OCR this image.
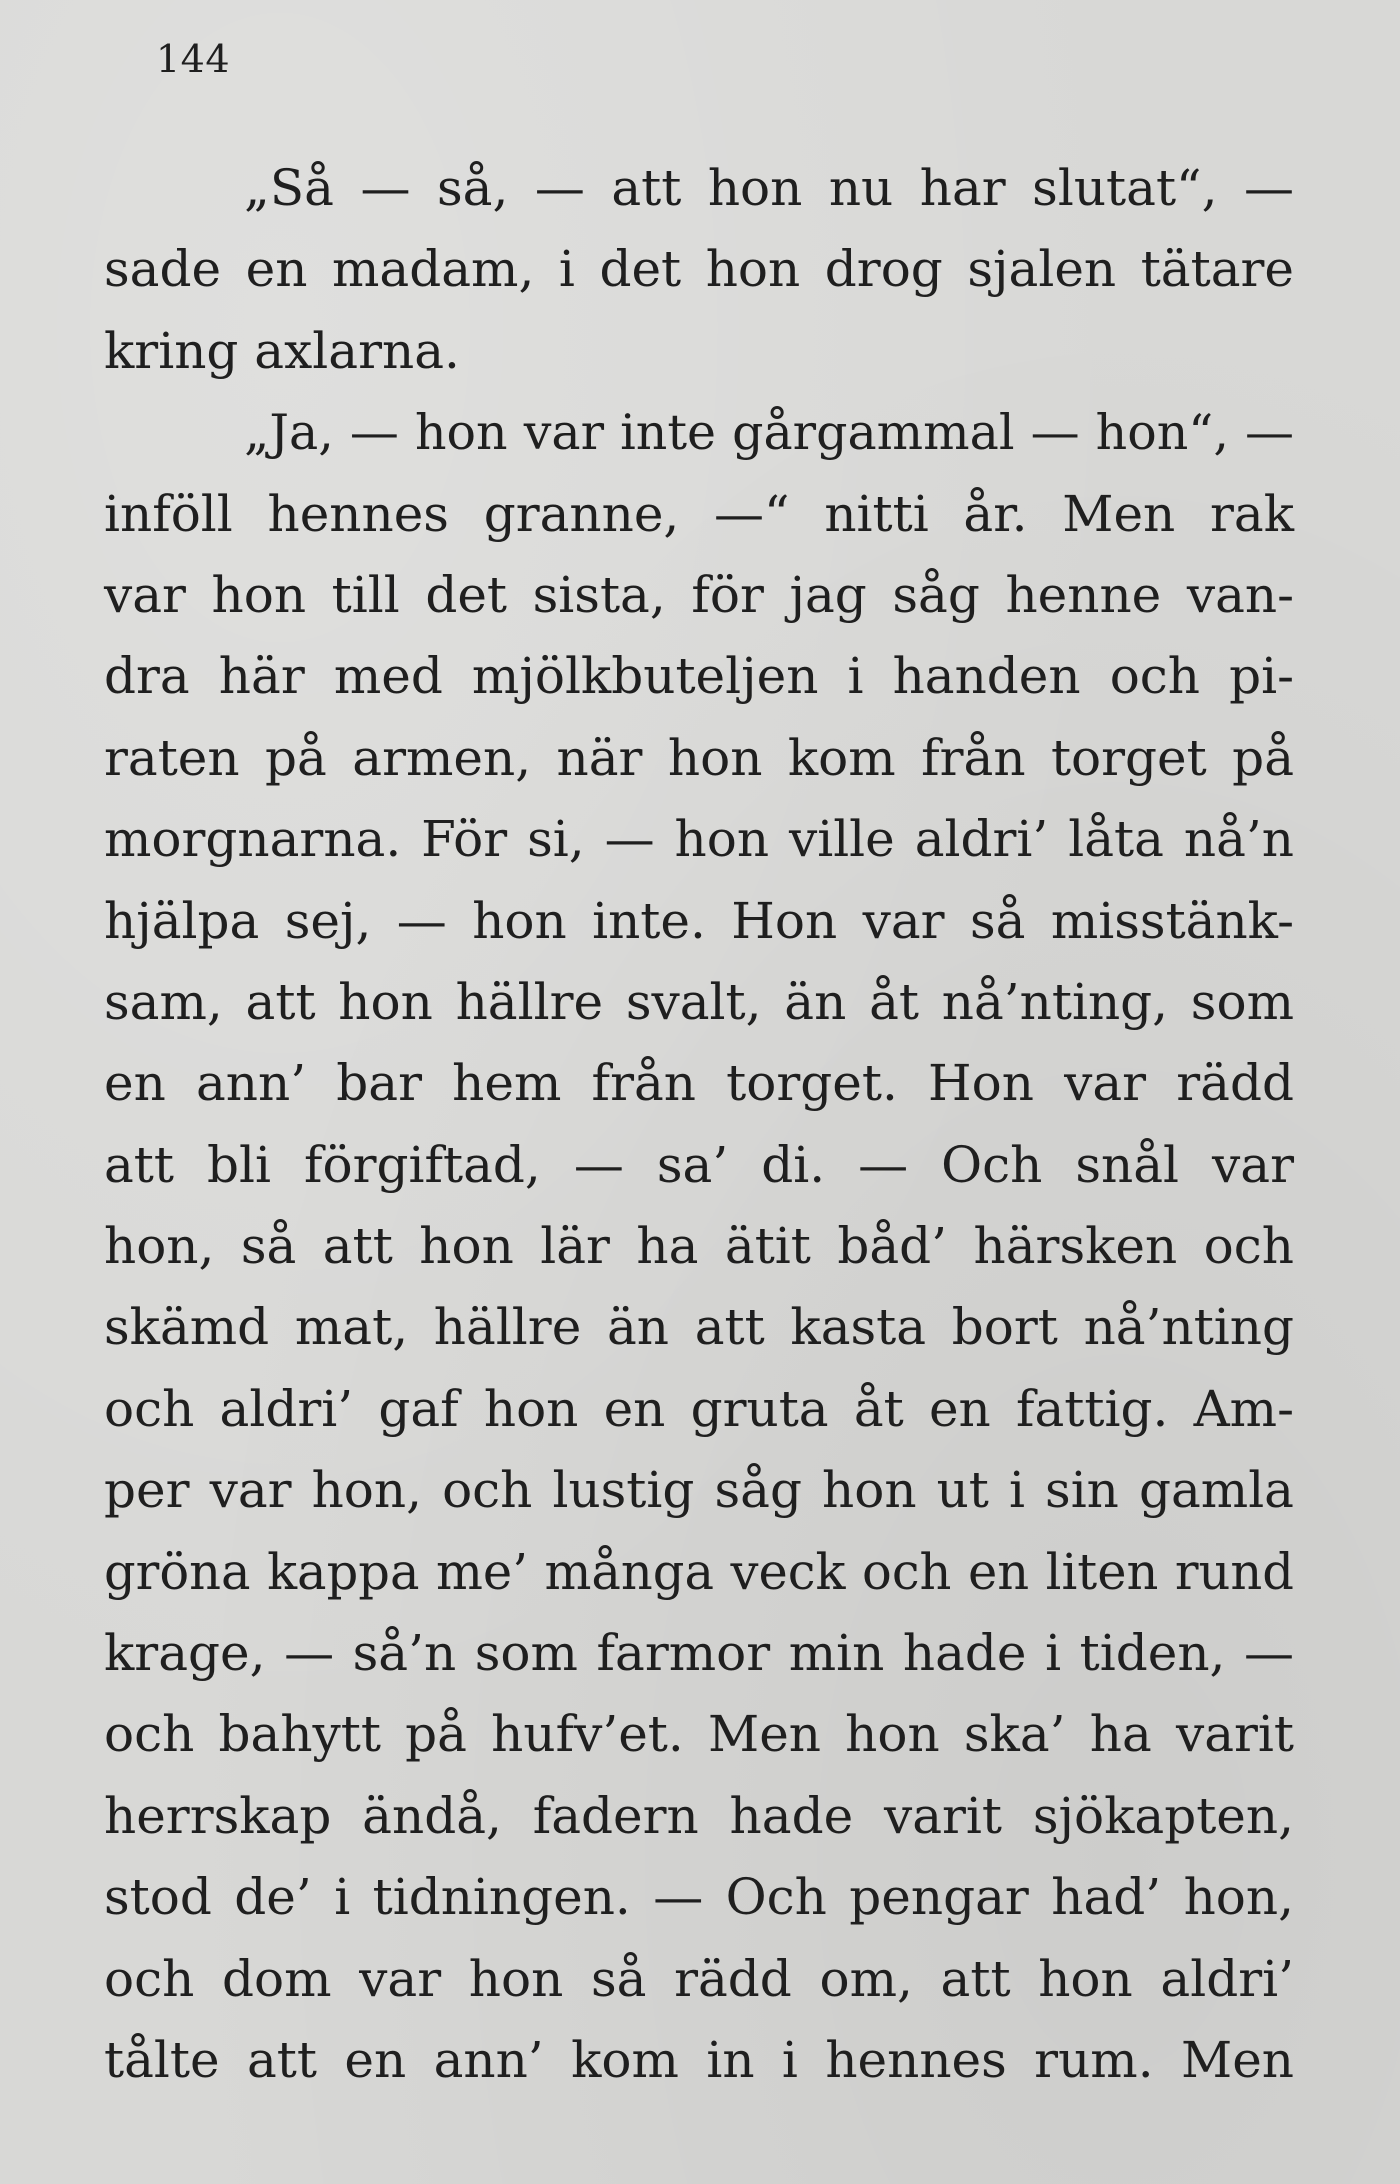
144
„Så — så, — att hon nu har slutat“, —
sade en madam, i det hon drog sjalen tätare
kring axlarna.
„Ja, — hon var inte gårgammal — hon“, —
inföll hennes granne, —“ nitti år. Men rak
var hon till det sista, för jag såg henne van-
dra här med mjölkbuteljen i handen och pi-
raten på armen, när hon kom från torget på
morgnarna. För si, — hon ville aldri’ låta nå’n
hjälpa sej, — hon inte. Hon var så misstänk-
sam, att hon hällre svalt, än åt nå’nting, som
en ann’ bar hem från torget. Hon var rädd
att bli förgiftad, — sa’ di. — Och snål var
hon, så att hon lär ha ätit båd’ härsken och
skämd mat, hällre än att kasta bort nå’nting
och aldri’ gaf hon en gruta åt en fattig. Am-
per var hon, och lustig såg hon ut i sin gamla
gröna kappa me’ många veck och en liten rund
krage, — så’n som farmor min hade i tiden, —
och bahytt på hufv’et. Men hon ska’ ha varit
herrskap ändå, fadern hade varit sjökapten,
stod de’ i tidningen. — Och pengar had’ hon,
och dom var hon så rädd om, att hon aldri’
tålte att en ann’ kom in i hennes rum. Men
